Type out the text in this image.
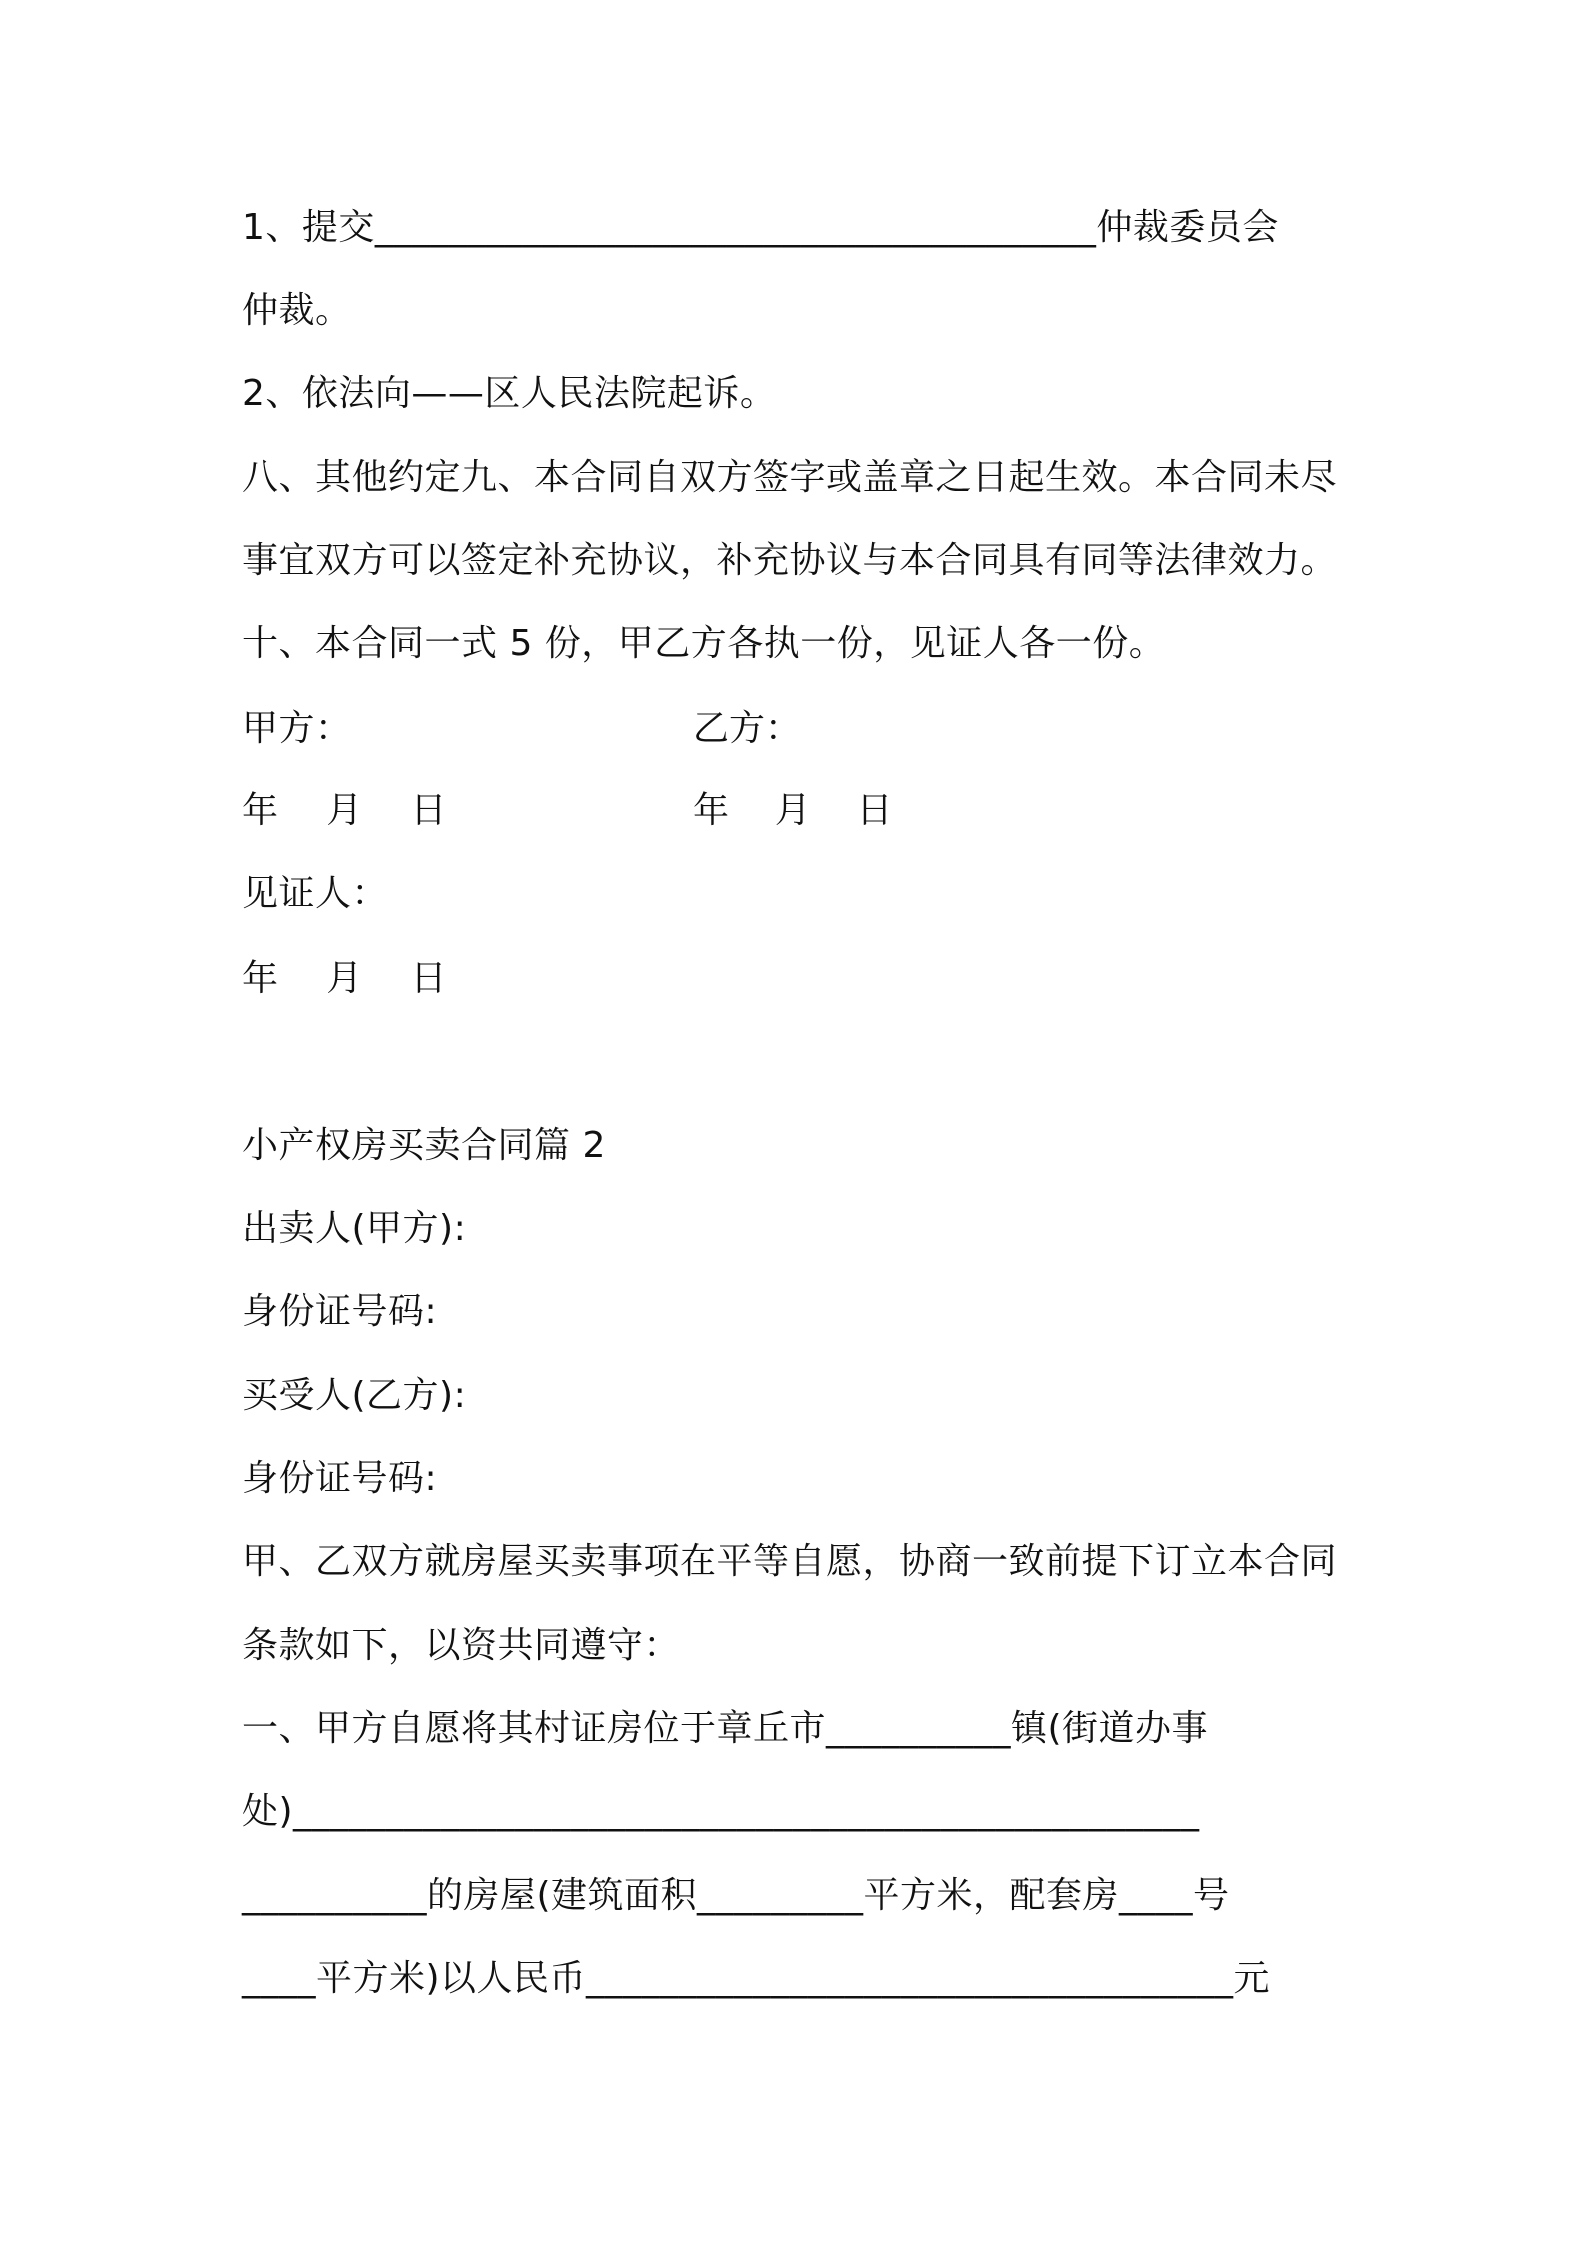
1、提交_______________________________________仲裁委员会
仲裁。
2、依法向——区人民法院起诉。
八、其他约定九、本合同自双方签字或盖章之日起生效。本合同未尽
事宜双方可以签定补充协议，补充协议与本合同具有同等法律效力。
十、本合同一式 5 份，甲乙方各执一份，见证人各一份。
甲方：	乙方：
年    月    日	年    月    日
见证人：
年    月    日
小产权房买卖合同篇 2
出卖人(甲方):
身份证号码:
买受人(乙方):
身份证号码:
甲、乙双方就房屋买卖事项在平等自愿，协商一致前提下订立本合同
条款如下，以资共同遵守：
一、甲方自愿将其村证房位于章丘市__________镇(街道办事
处)_________________________________________________
__________的房屋(建筑面积_________平方米，配套房____号
____平方米)以人民币___________________________________元
